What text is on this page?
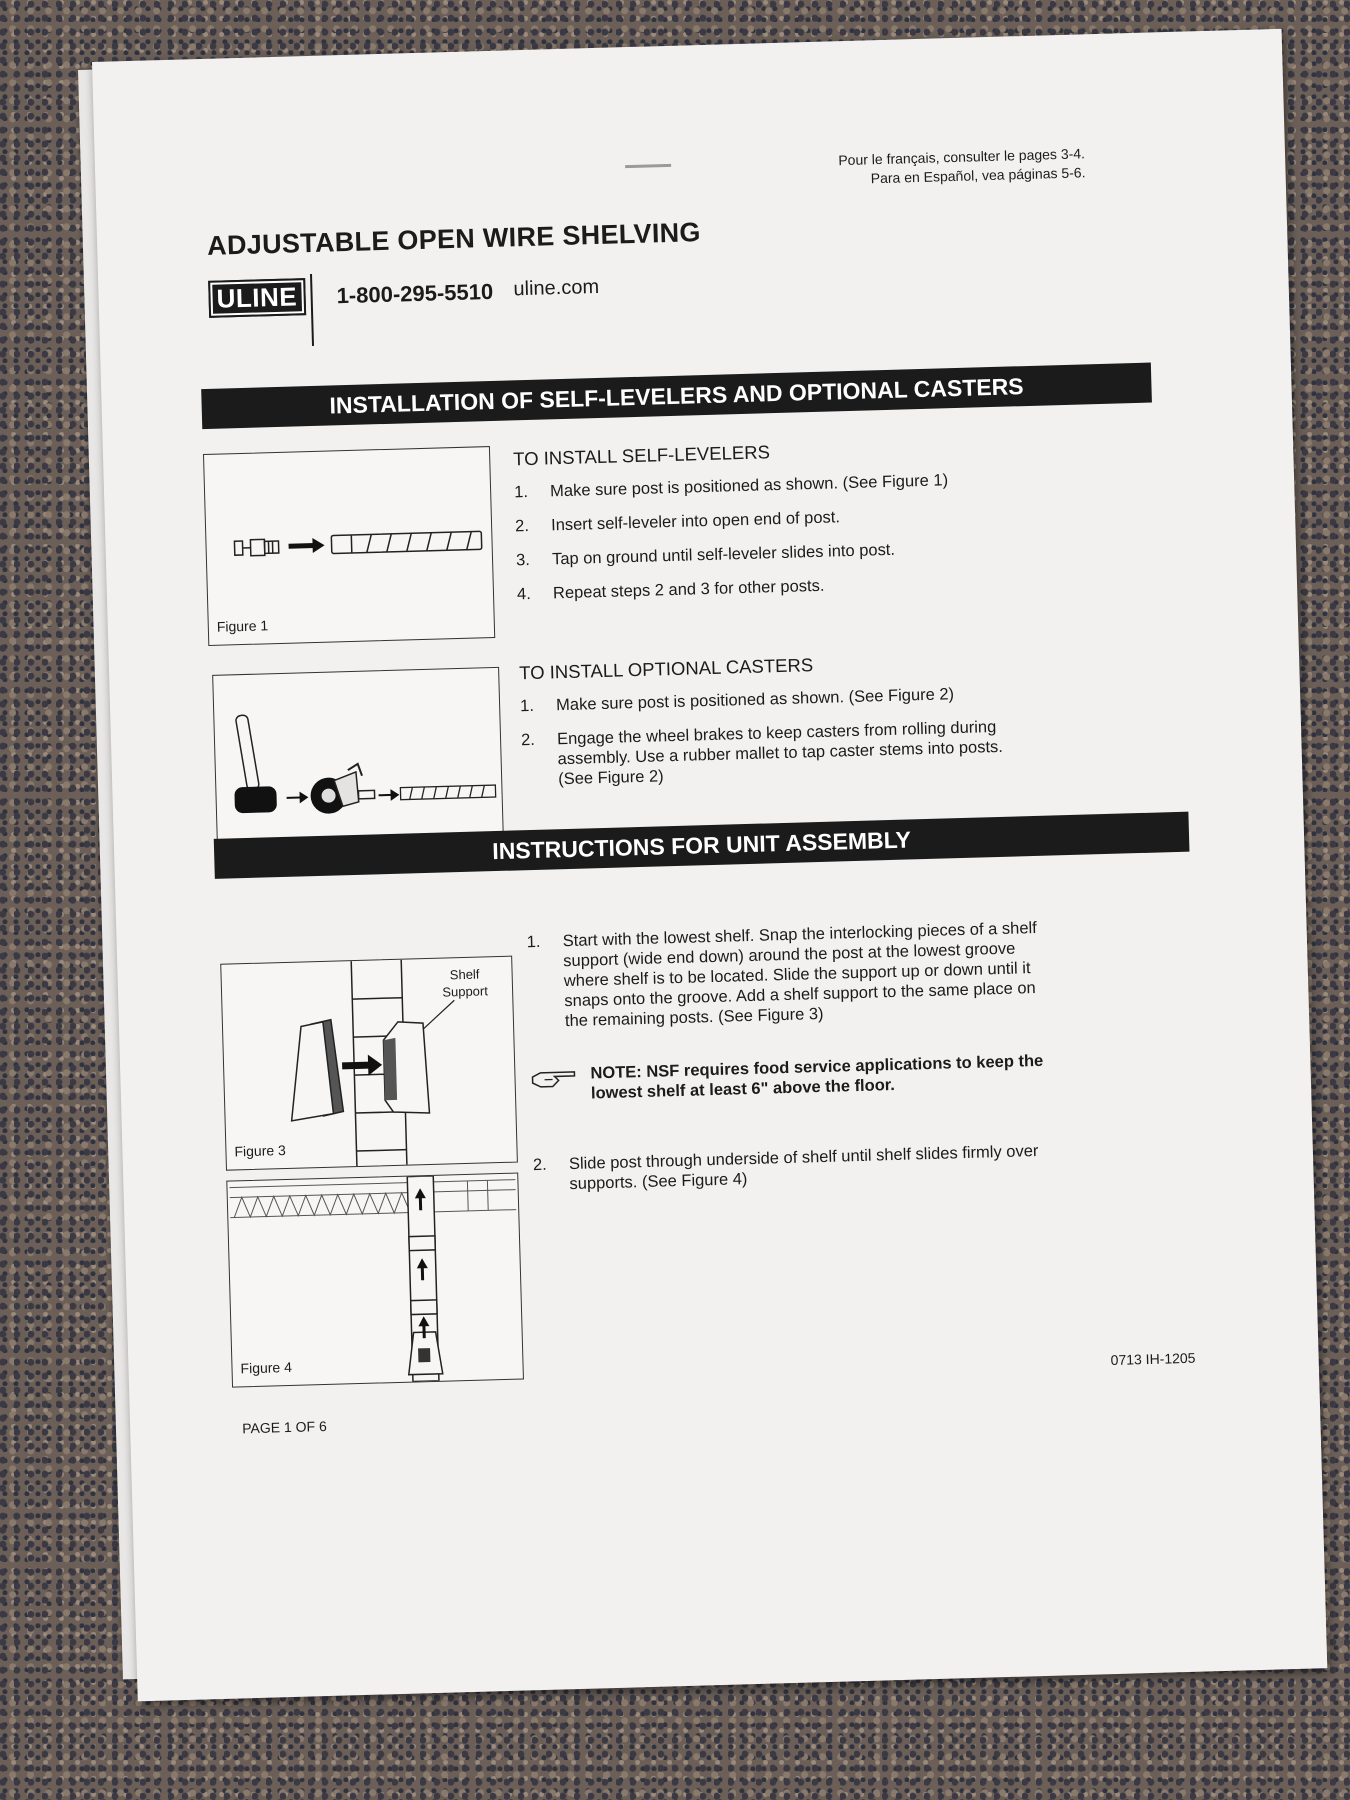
Pour le français, consulter le pages 3-4.
Para en Español, vea páginas 5-6.
ADJUSTABLE OPEN WIRE SHELVING
ULINE	1-800-295-5510 uline.com
INSTALLATION OF SELF-LEVELERS AND OPTIONAL CASTERS
Figure 1
TO INSTALL SELF-LEVELERS
1. Make sure post is positioned as shown. (See Figure 1)
2. Insert self-leveler into open end of post.
3. Tap on ground until self-leveler slides into post.
4. Repeat steps 2 and 3 for other posts.
TO INSTALL OPTIONAL CASTERS
1. Make sure post is positioned as shown. (See Figure 2)
2. Engage the wheel brakes to keep casters from rolling during assembly. Use a rubber mallet to tap caster stems into posts. (See Figure 2)
INSTRUCTIONS FOR UNIT ASSEMBLY
Shelf Support
Figure 3
Figure 4
1. Start with the lowest shelf. Snap the interlocking pieces of a shelf support (wide end down) around the post at the lowest groove where shelf is to be located. Slide the support up or down until it snaps onto the groove. Add a shelf support to the same place on the remaining posts. (See Figure 3)
NOTE: NSF requires food service applications to keep the lowest shelf at least 6" above the floor.
2. Slide post through underside of shelf until shelf slides firmly over supports. (See Figure 4)
0713 IH-1205
PAGE 1 OF 6
